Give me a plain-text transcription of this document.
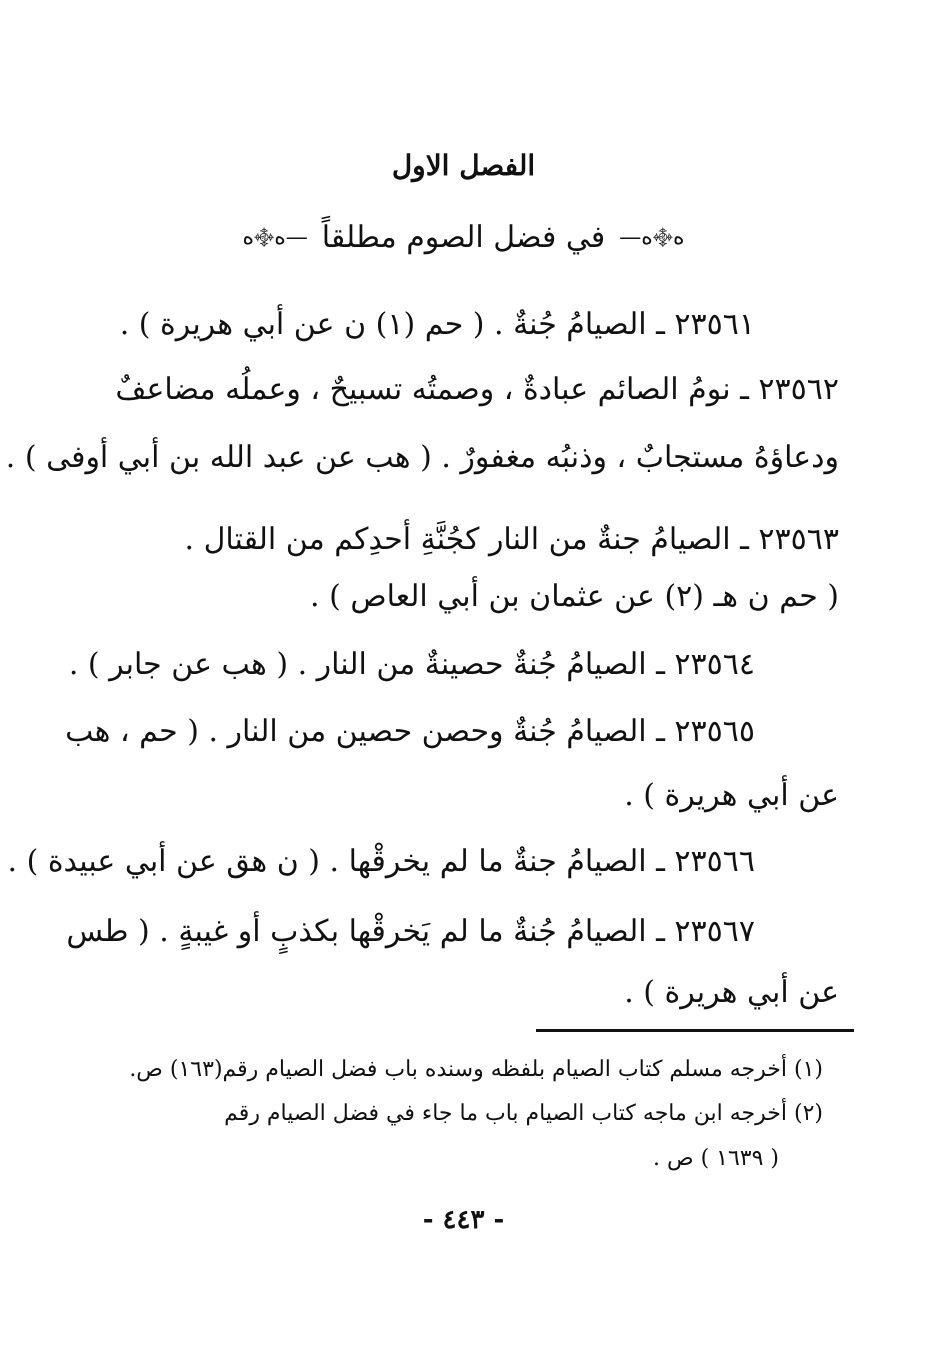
الفصل الاول
ه࿇ه—
في فضل الصوم مطلقاً
—ه࿇ه
٢٣٥٦١ ـ الصيامُ جُنةٌ . ( حم (١) ن عن أبي هريرة ) .
٢٣٥٦٢ ـ نومُ الصائم عبادةٌ ، وصمتُه تسبيحٌ ، وعملُه مضاعفٌ
ودعاؤهُ مستجابٌ ، وذنبُه مغفورٌ . ( هب عن عبد الله بن أبي أوفى ) .
٢٣٥٦٣ ـ الصيامُ جنةٌ من النار كجُنَّةِ أحدِكم من القتال .
( حم ن هـ (٢) عن عثمان بن أبي العاص ) .
٢٣٥٦٤ ـ الصيامُ جُنةٌ حصينةٌ من النار . ( هب عن جابر ) .
٢٣٥٦٥ ـ الصيامُ جُنةٌ وحصن حصين من النار . ( حم ، هب
عن أبي هريرة ) .
٢٣٥٦٦ ـ الصيامُ جنةٌ ما لم يخرقْها . ( ن هق عن أبي عبيدة ) .
٢٣٥٦٧ ـ الصيامُ جُنةٌ ما لم يَخرقْها بكذبٍ أو غيبةٍ . ( طس
عن أبي هريرة ) .
(١) أخرجه مسلم كتاب الصيام بلفظه وسنده باب فضل الصيام رقم(١٦٣) ص.
(٢) أخرجه ابن ماجه كتاب الصيام باب ما جاء في فضل الصيام رقم
( ١٦٣٩ ) ص .
- ٤٤٣ -
